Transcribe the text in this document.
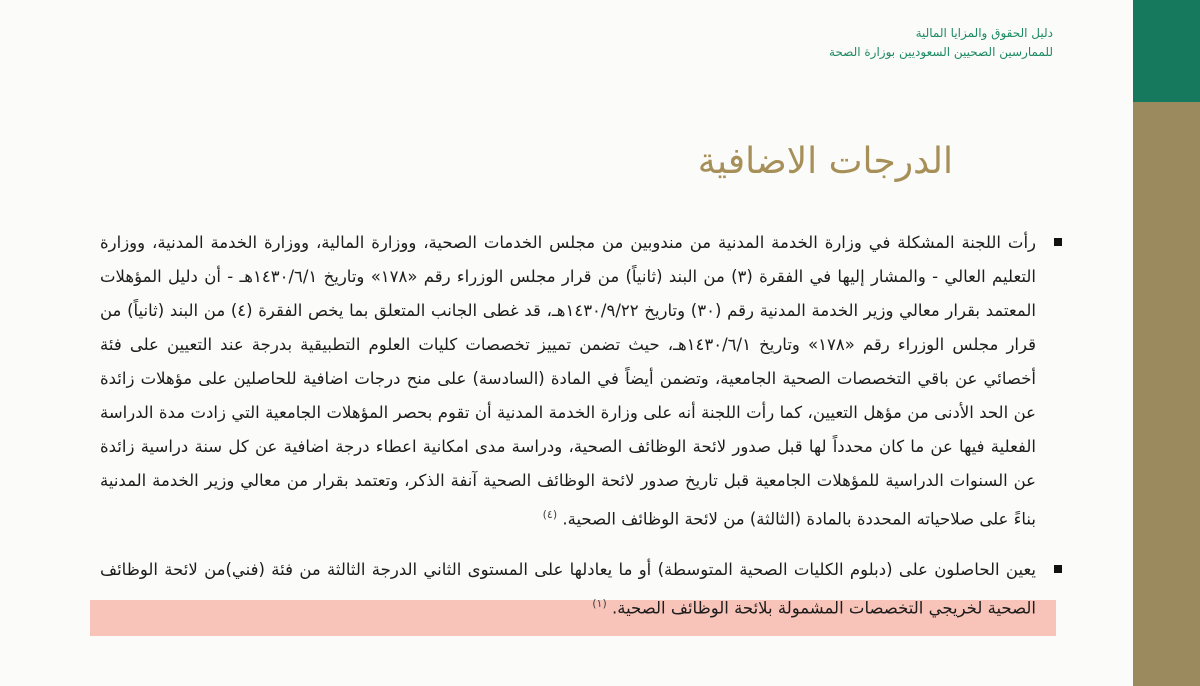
دليل الحقوق والمزايا المالية
للممارسين الصحيين السعوديين بوزارة الصحة
الدرجات الاضافية

رأت اللجنة المشكلة في وزارة الخدمة المدنية من مندوبين من مجلس الخدمات الصحية، ووزارة المالية، ووزارة الخدمة المدنية، ووزارة التعليم العالي - والمشار إليها في الفقرة (٣) من البند (ثانياً) من قرار مجلس الوزراء رقم «١٧٨» وتاريخ ١٤٣٠/٦/١هـ - أن دليل المؤهلات المعتمد بقرار معالي وزير الخدمة المدنية رقم (٣٠) وتاريخ ١٤٣٠/٩/٢٢هـ، قد غطى الجانب المتعلق بما يخص الفقرة (٤) من البند (ثانياً) من قرار مجلس الوزراء رقم «١٧٨» وتاريخ ١٤٣٠/٦/١هـ، حيث تضمن تمييز تخصصات كليات العلوم التطبيقية بدرجة عند التعيين على فئة أخصائي عن باقي التخصصات الصحية الجامعية، وتضمن أيضاً في المادة (السادسة) على منح درجات اضافية للحاصلين على مؤهلات زائدة عن الحد الأدنى من مؤهل التعيين، كما رأت اللجنة أنه على وزارة الخدمة المدنية أن تقوم بحصر المؤهلات الجامعية التي زادت مدة الدراسة الفعلية فيها عن ما كان محدداً لها قبل صدور لائحة الوظائف الصحية، ودراسة مدى امكانية اعطاء درجة اضافية عن كل سنة دراسية زائدة عن السنوات الدراسية للمؤهلات الجامعية قبل تاريخ صدور لائحة الوظائف الصحية آنفة الذكر، وتعتمد بقرار من معالي وزير الخدمة المدنية بناءً على صلاحياته المحددة بالمادة (الثالثة) من لائحة الوظائف الصحية. $^{(٤)}$

يعين الحاصلون على (دبلوم الكليات الصحية المتوسطة) أو ما يعادلها على المستوى الثاني الدرجة الثالثة من فئة (فني)من لائحة الوظائف الصحية لخريجي التخصصات المشمولة بلائحة الوظائف الصحية. $^{(١)}$
